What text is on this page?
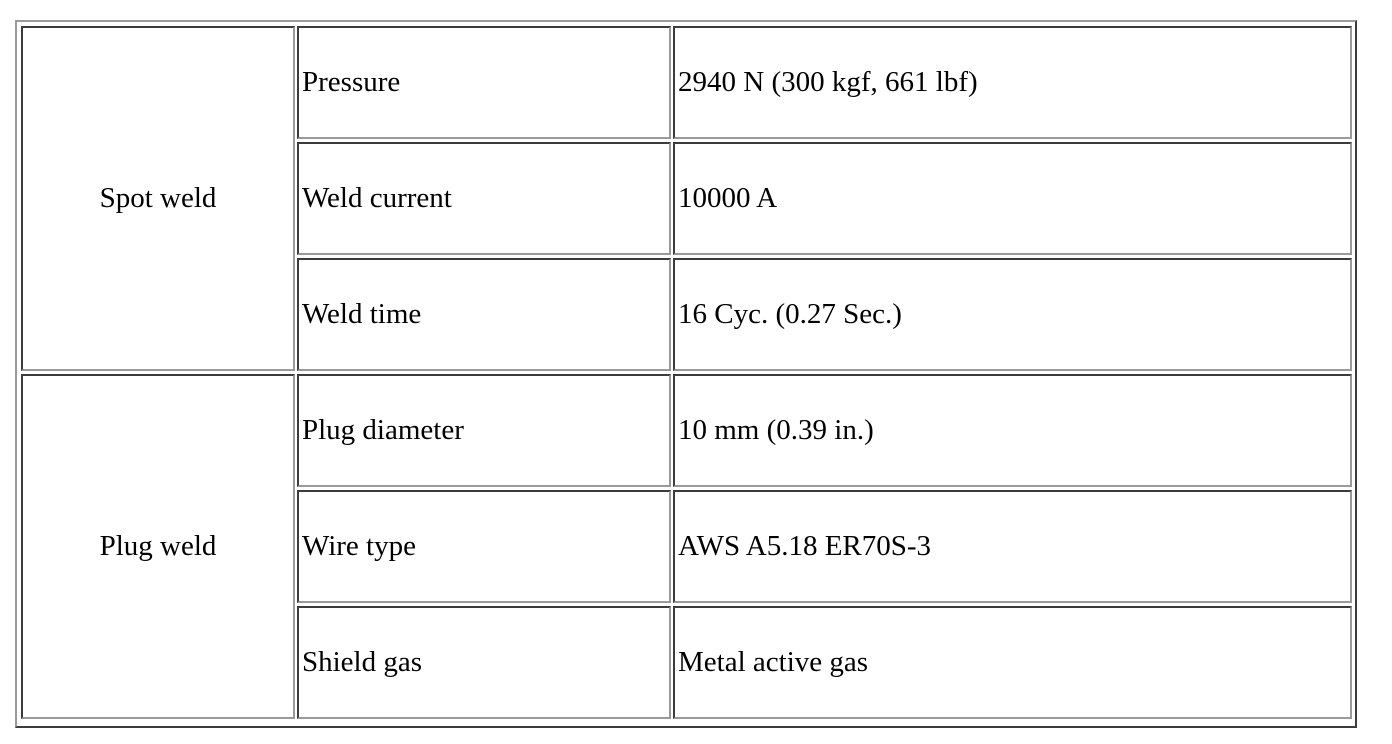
Spot weld
Pressure	2940 N (300 kgf, 661 lbf)
Weld current	10000 A
Weld time	16 Cyc. (0.27 Sec.)
Plug weld
Plug diameter	10 mm (0.39 in.)
Wire type	AWS A5.18 ER70S-3
Shield gas	Metal active gas
